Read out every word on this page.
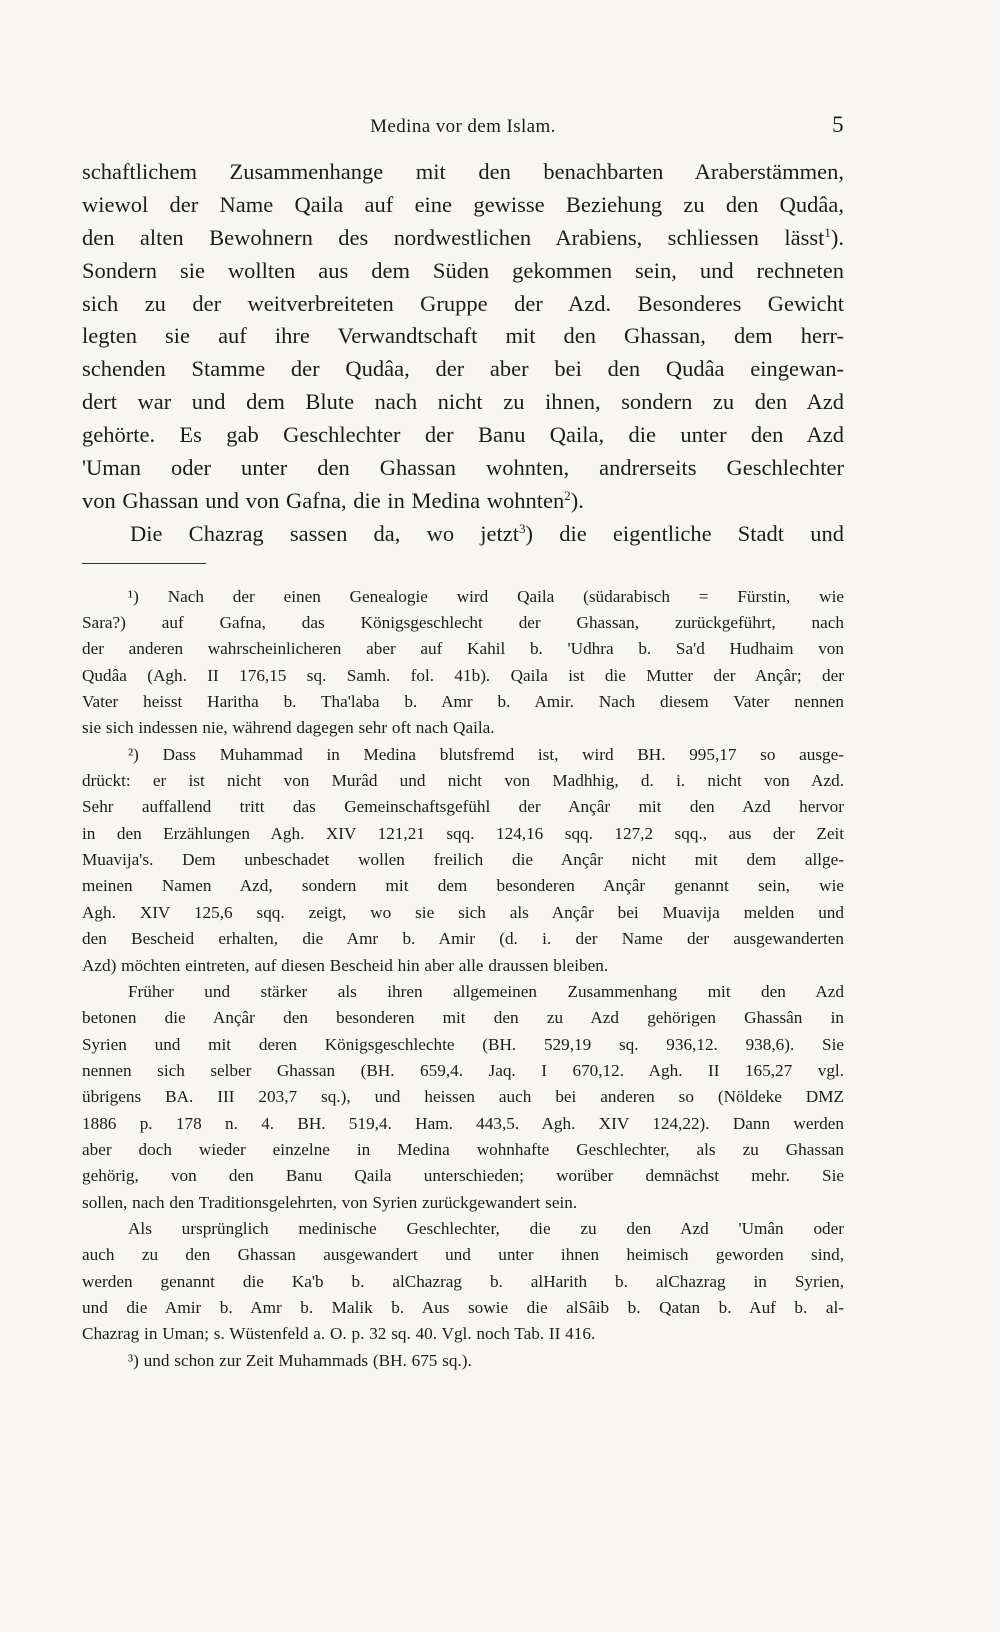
Medina vor dem Islam.	5
schaftlichem Zusammenhange mit den benachbarten Araberstämmen,
wiewol der Name Qaila auf eine gewisse Beziehung zu den Qudâa,
den alten Bewohnern des nordwestlichen Arabiens, schliessen lässt$^1$).
Sondern sie wollten aus dem Süden gekommen sein, und rechneten
sich zu der weitverbreiteten Gruppe der Azd. Besonderes Gewicht
legten sie auf ihre Verwandtschaft mit den Ghassan, dem herr-
schenden Stamme der Qudâa, der aber bei den Qudâa eingewan-
dert war und dem Blute nach nicht zu ihnen, sondern zu den Azd
gehörte. Es gab Geschlechter der Banu Qaila, die unter den Azd
'Uman oder unter den Ghassan wohnten, andrerseits Geschlechter
von Ghassan und von Gafna, die in Medina wohnten$^2$).
Die Chazrag sassen da, wo jetzt$^3$) die eigentliche Stadt und
¹) Nach der einen Genealogie wird Qaila (südarabisch = Fürstin, wie
Sara?) auf Gafna, das Königsgeschlecht der Ghassan, zurückgeführt, nach
der anderen wahrscheinlicheren aber auf Kahil b. 'Udhra b. Sa'd Hudhaim von
Qudâa (Agh. II 176,15 sq. Samh. fol. 41b). Qaila ist die Mutter der Ançâr; der
Vater heisst Haritha b. Tha'laba b. Amr b. Amir. Nach diesem Vater nennen
sie sich indessen nie, während dagegen sehr oft nach Qaila.
²) Dass Muhammad in Medina blutsfremd ist, wird BH. 995,17 so ausge-
drückt: er ist nicht von Murâd und nicht von Madhhig, d. i. nicht von Azd.
Sehr auffallend tritt das Gemeinschaftsgefühl der Ançâr mit den Azd hervor
in den Erzählungen Agh. XIV 121,21 sqq. 124,16 sqq. 127,2 sqq., aus der Zeit
Muavija's. Dem unbeschadet wollen freilich die Ançâr nicht mit dem allge-
meinen Namen Azd, sondern mit dem besonderen Ançâr genannt sein, wie
Agh. XIV 125,6 sqq. zeigt, wo sie sich als Ançâr bei Muavija melden und
den Bescheid erhalten, die Amr b. Amir (d. i. der Name der ausgewanderten
Azd) möchten eintreten, auf diesen Bescheid hin aber alle draussen bleiben.
Früher und stärker als ihren allgemeinen Zusammenhang mit den Azd
betonen die Ançâr den besonderen mit den zu Azd gehörigen Ghassân in
Syrien und mit deren Königsgeschlechte (BH. 529,19 sq. 936,12. 938,6). Sie
nennen sich selber Ghassan (BH. 659,4. Jaq. I 670,12. Agh. II 165,27 vgl.
übrigens BA. III 203,7 sq.), und heissen auch bei anderen so (Nöldeke DMZ
1886 p. 178 n. 4. BH. 519,4. Ham. 443,5. Agh. XIV 124,22). Dann werden
aber doch wieder einzelne in Medina wohnhafte Geschlechter, als zu Ghassan
gehörig, von den Banu Qaila unterschieden; worüber demnächst mehr. Sie
sollen, nach den Traditionsgelehrten, von Syrien zurückgewandert sein.
Als ursprünglich medinische Geschlechter, die zu den Azd 'Umân oder
auch zu den Ghassan ausgewandert und unter ihnen heimisch geworden sind,
werden genannt die Ka'b b. alChazrag b. alHarith b. alChazrag in Syrien,
und die Amir b. Amr b. Malik b. Aus sowie die alSâib b. Qatan b. Auf b. al-
Chazrag in Uman; s. Wüstenfeld a. O. p. 32 sq. 40. Vgl. noch Tab. II 416.
³) und schon zur Zeit Muhammads (BH. 675 sq.).
